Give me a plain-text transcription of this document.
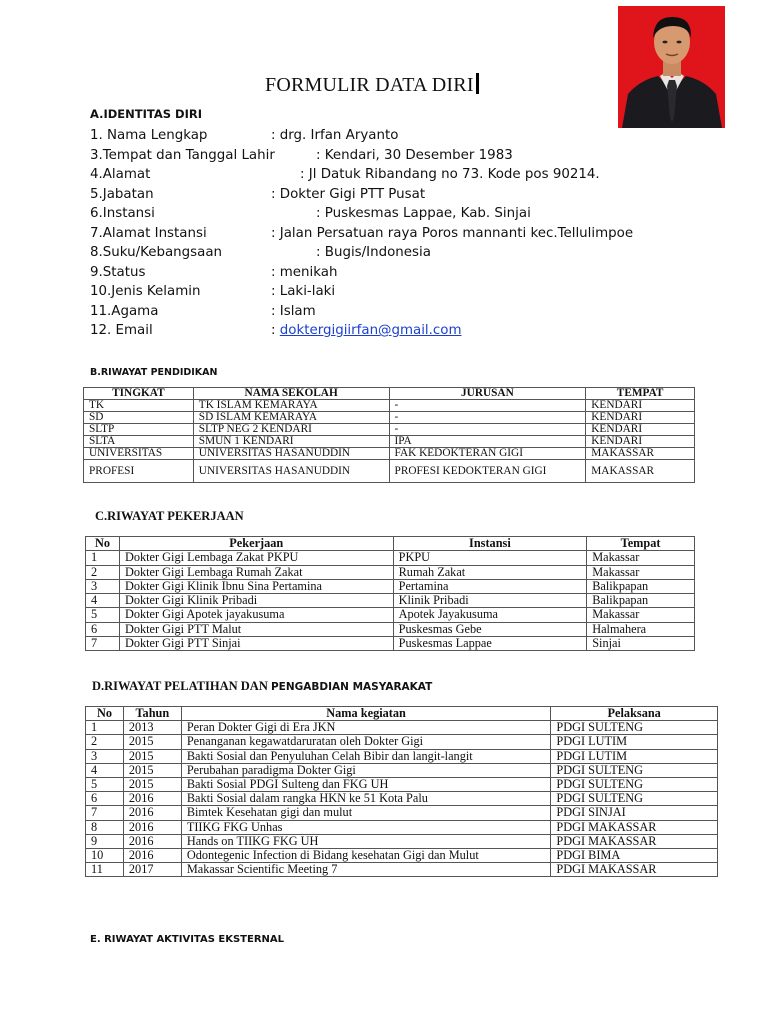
FORMULIR DATA DIRI
A.IDENTITAS DIRI
1. Nama Lengkap	: drg. Irfan Aryanto
3.Tempat dan Tanggal Lahir	: Kendari, 30 Desember 1983
4.Alamat	: Jl Datuk Ribandang no 73. Kode pos 90214.
5.Jabatan	: Dokter Gigi PTT Pusat
6.Instansi	: Puskesmas Lappae, Kab. Sinjai
7.Alamat Instansi	: Jalan Persatuan raya Poros mannanti kec.Tellulimpoe
8.Suku/Kebangsaan	: Bugis/Indonesia
9.Status	: menikah
10.Jenis Kelamin	: Laki-laki
11.Agama	: Islam
12. Email	: doktergigiirfan@gmail.com
B.RIWAYAT PENDIDIKAN
TINGKAT	NAMA SEKOLAH	JURUSAN	TEMPAT
TK	TK ISLAM KEMARAYA	-	KENDARI
SD	SD ISLAM KEMARAYA	-	KENDARI
SLTP	SLTP NEG 2 KENDARI	-	KENDARI
SLTA	SMUN 1 KENDARI	IPA	KENDARI
UNIVERSITAS	UNIVERSITAS HASANUDDIN	FAK KEDOKTERAN GIGI	MAKASSAR
PROFESI	UNIVERSITAS HASANUDDIN	PROFESI KEDOKTERAN GIGI	MAKASSAR
C.RIWAYAT PEKERJAAN
No	Pekerjaan	Instansi	Tempat
1	Dokter Gigi Lembaga Zakat PKPU	PKPU	Makassar
2	Dokter Gigi Lembaga Rumah Zakat	Rumah Zakat	Makassar
3	Dokter Gigi Klinik Ibnu Sina Pertamina	Pertamina	Balikpapan
4	Dokter Gigi Klinik Pribadi	Klinik Pribadi	Balikpapan
5	Dokter Gigi Apotek jayakusuma	Apotek Jayakusuma	Makassar
6	Dokter Gigi PTT Malut	Puskesmas Gebe	Halmahera
7	Dokter Gigi PTT Sinjai	Puskesmas Lappae	Sinjai
D.RIWAYAT PELATIHAN DAN PENGABDIAN MASYARAKAT
No	Tahun	Nama kegiatan	Pelaksana
1	2013	Peran Dokter Gigi di Era JKN	PDGI SULTENG
2	2015	Penanganan kegawatdaruratan oleh Dokter Gigi	PDGI LUTIM
3	2015	Bakti Sosial dan Penyuluhan Celah Bibir dan langit-langit	PDGI LUTIM
4	2015	Perubahan paradigma Dokter Gigi	PDGI SULTENG
5	2015	Bakti Sosial PDGI Sulteng dan FKG UH	PDGI SULTENG
6	2016	Bakti Sosial dalam rangka HKN ke 51 Kota Palu	PDGI SULTENG
7	2016	Bimtek Kesehatan gigi dan mulut	PDGI SINJAI
8	2016	TIIKG FKG Unhas	PDGI MAKASSAR
9	2016	Hands on TIIKG FKG UH	PDGI MAKASSAR
10	2016	Odontegenic Infection di Bidang kesehatan Gigi dan Mulut	PDGI BIMA
11	2017	Makassar Scientific Meeting 7	PDGI MAKASSAR
E. RIWAYAT AKTIVITAS EKSTERNAL
